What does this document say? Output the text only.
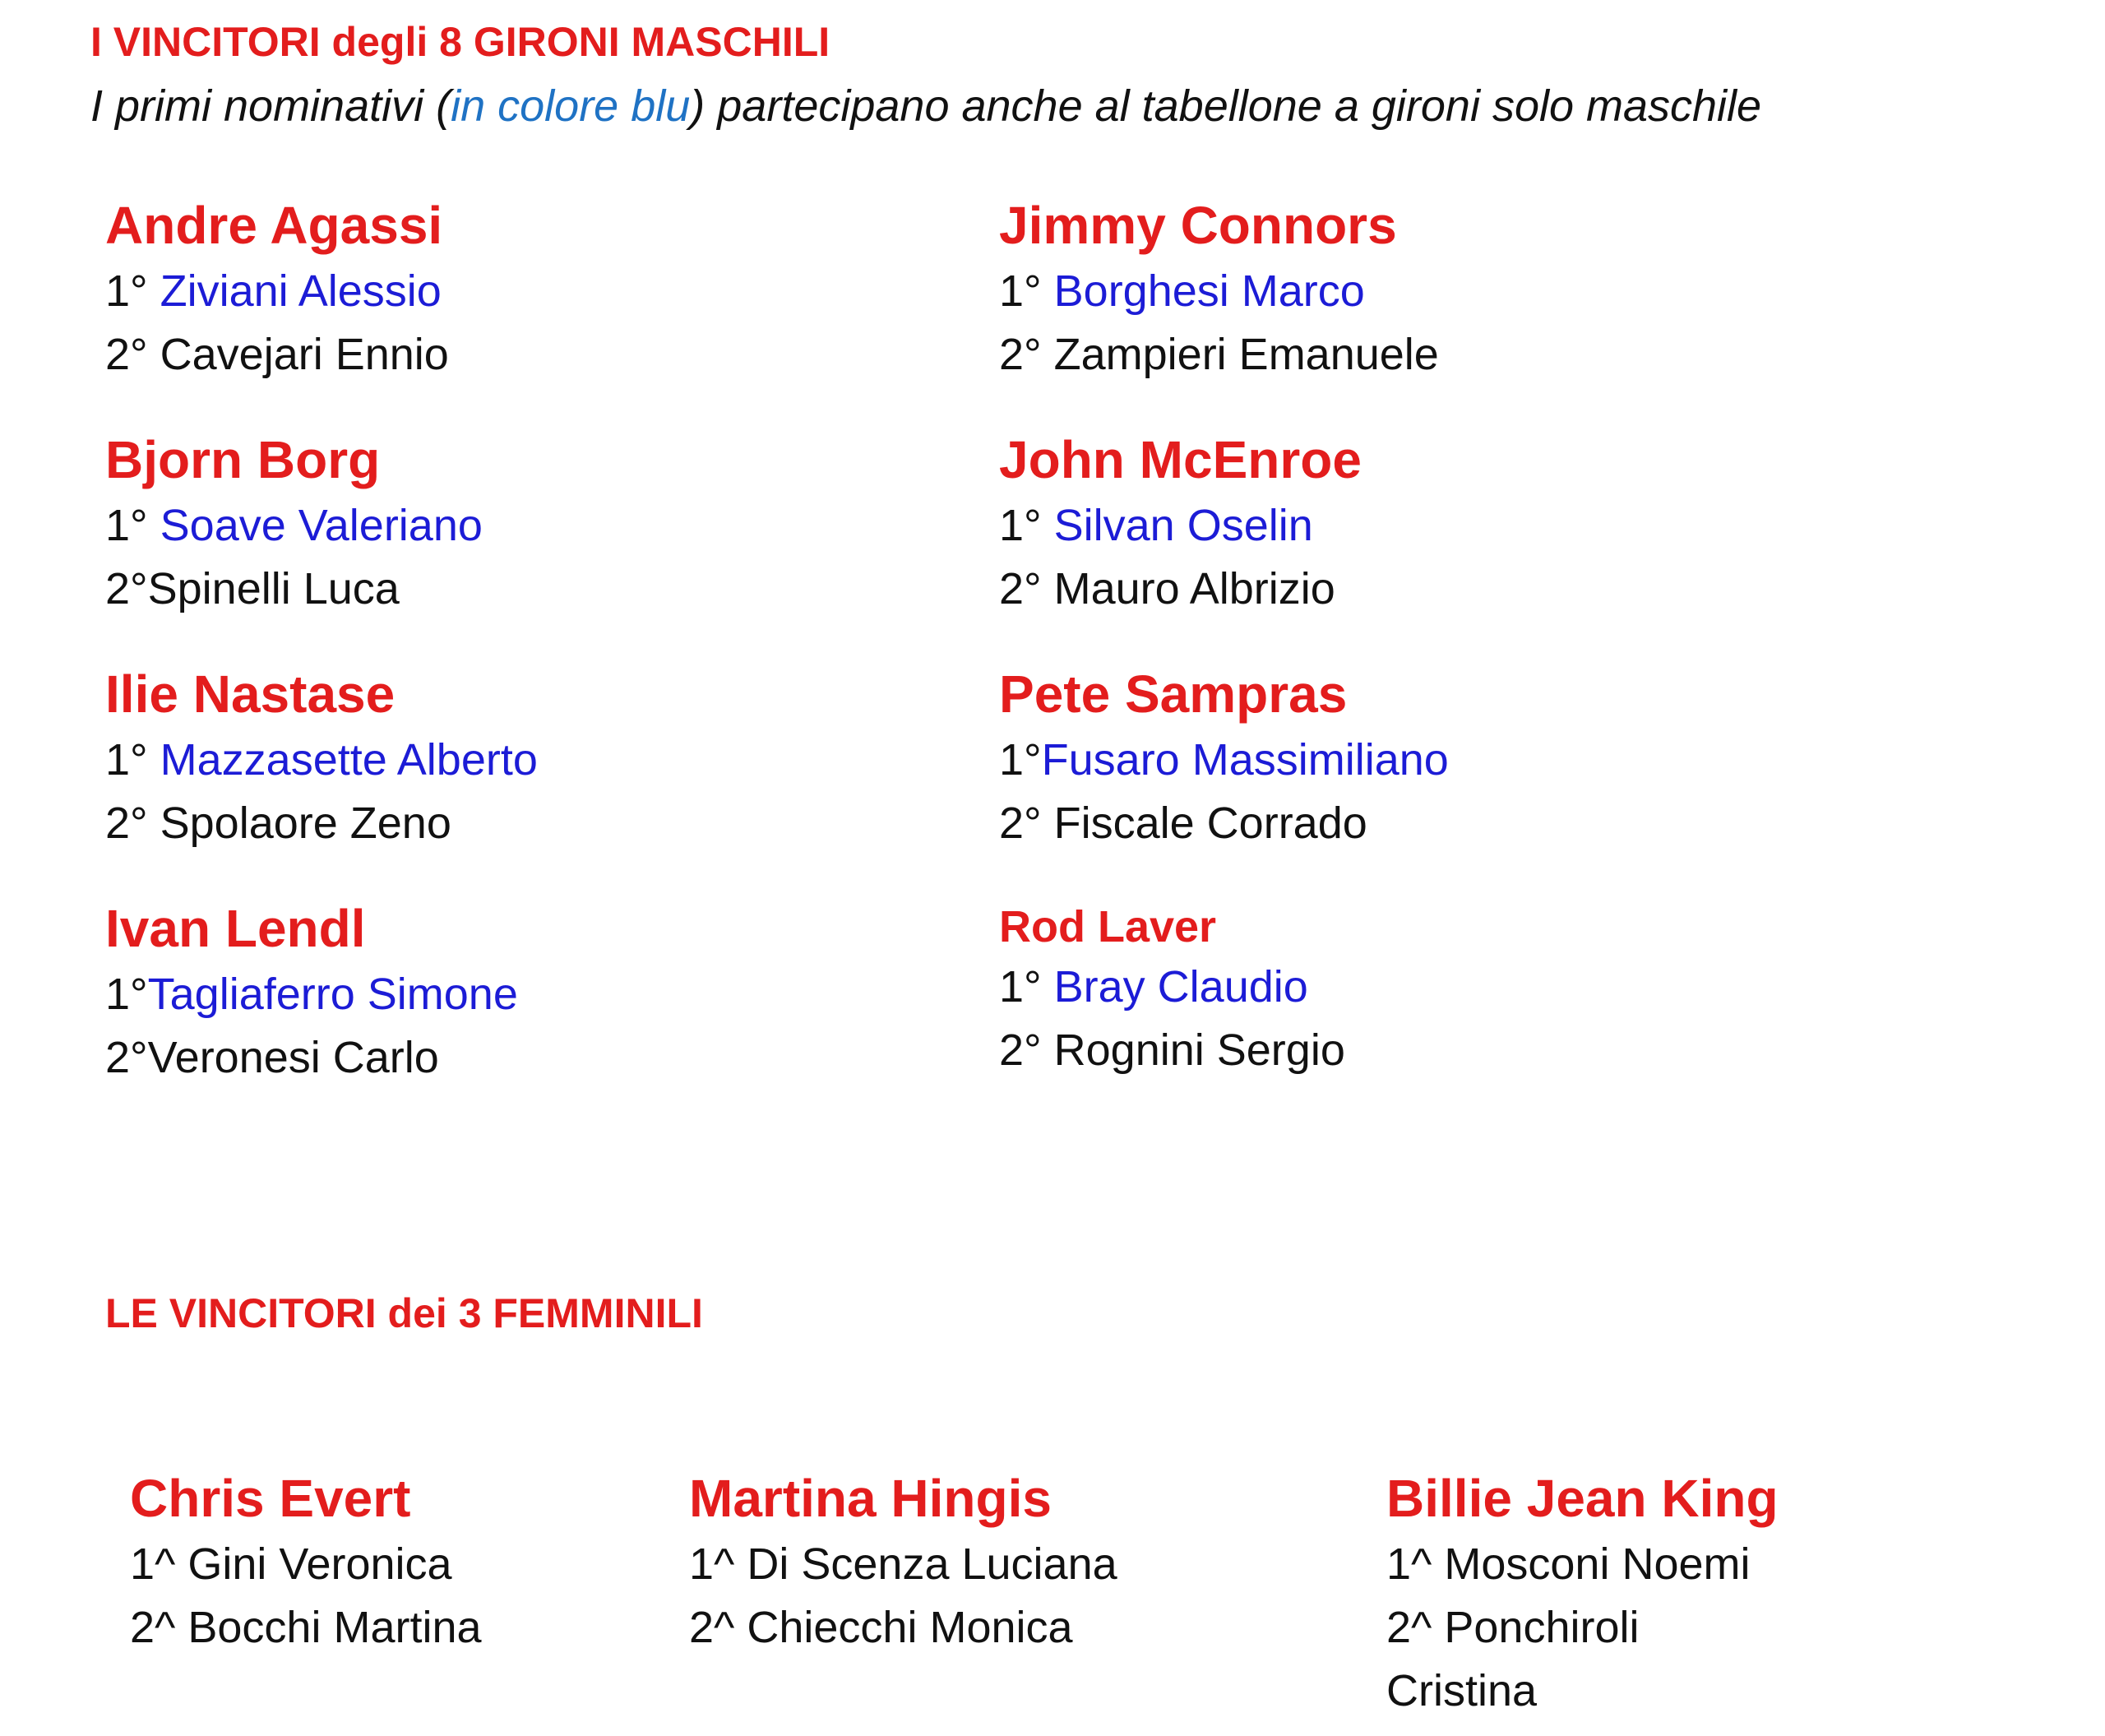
I VINCITORI degli 8 GIRONI MASCHILI
I primi nominativi (in colore blu) partecipano anche al tabellone a gironi solo maschile
Andre Agassi
1° Ziviani Alessio
2° Cavejari Ennio
Bjorn Borg
1° Soave Valeriano
2°Spinelli Luca
Ilie Nastase
1° Mazzasette Alberto
2° Spolaore Zeno
Ivan Lendl
1°Tagliaferro Simone
2°Veronesi Carlo
Jimmy Connors
1° Borghesi Marco
2° Zampieri Emanuele
John McEnroe
1° Silvan Oselin
2° Mauro Albrizio
Pete Sampras
1°Fusaro Massimiliano
2° Fiscale Corrado
Rod Laver
1° Bray Claudio
2° Rognini Sergio
LE VINCITORI dei 3 FEMMINILI
Chris Evert
1^ Gini Veronica
2^ Bocchi Martina
Martina Hingis
1^ Di Scenza Luciana
2^ Chiecchi Monica
Billie Jean King
1^ Mosconi Noemi
2^ Ponchiroli
Cristina
